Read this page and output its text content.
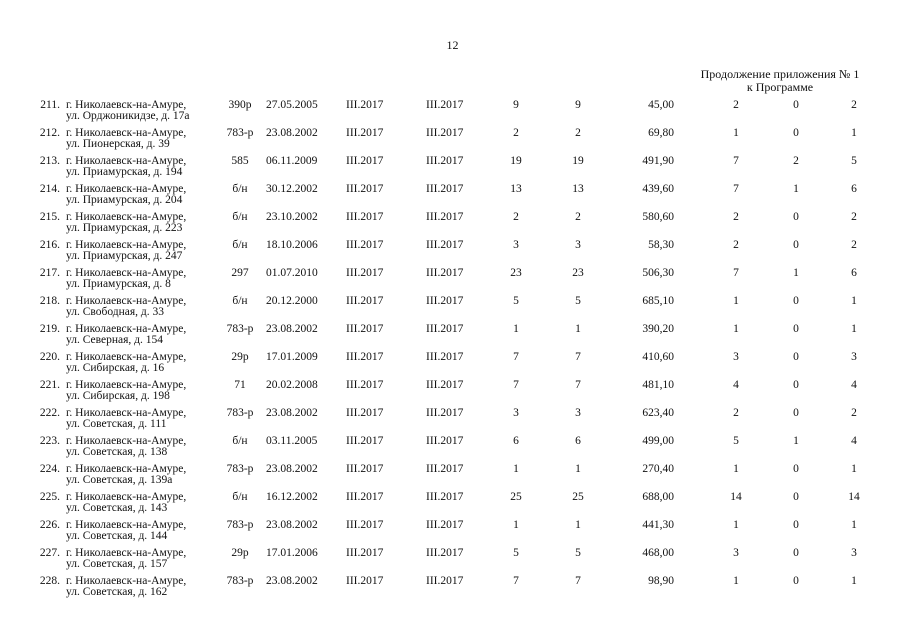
12
Продолжение приложения № 1
к Программе
211. г. Николаевск-на-Амуре,
ул. Орджоникидзе, д. 17а
390р	27.05.2005	III.2017	III.2017	9	9	45,00	2	0	2
212. г. Николаевск-на-Амуре,
ул. Пионерская, д. 39
783-р	23.08.2002	III.2017	III.2017	2	2	69,80	1	0	1
213. г. Николаевск-на-Амуре,
ул. Приамурская, д. 194
585	06.11.2009	III.2017	III.2017	19	19	491,90	7	2	5
214. г. Николаевск-на-Амуре,
ул. Приамурская, д. 204
б/н	30.12.2002	III.2017	III.2017	13	13	439,60	7	1	6
215. г. Николаевск-на-Амуре,
ул. Приамурская, д. 223
б/н	23.10.2002	III.2017	III.2017	2	2	580,60	2	0	2
216. г. Николаевск-на-Амуре,
ул. Приамурская, д. 247
б/н	18.10.2006	III.2017	III.2017	3	3	58,30	2	0	2
217. г. Николаевск-на-Амуре,
ул. Приамурская, д. 8
297	01.07.2010	III.2017	III.2017	23	23	506,30	7	1	6
218. г. Николаевск-на-Амуре,
ул. Свободная, д. 33
б/н	20.12.2000	III.2017	III.2017	5	5	685,10	1	0	1
219. г. Николаевск-на-Амуре,
ул. Северная, д. 154
783-р	23.08.2002	III.2017	III.2017	1	1	390,20	1	0	1
220. г. Николаевск-на-Амуре,
ул. Сибирская, д. 16
29р	17.01.2009	III.2017	III.2017	7	7	410,60	3	0	3
221. г. Николаевск-на-Амуре,
ул. Сибирская, д. 198
71	20.02.2008	III.2017	III.2017	7	7	481,10	4	0	4
222. г. Николаевск-на-Амуре,
ул. Советская, д. 111
783-р	23.08.2002	III.2017	III.2017	3	3	623,40	2	0	2
223. г. Николаевск-на-Амуре,
ул. Советская, д. 138
б/н	03.11.2005	III.2017	III.2017	6	6	499,00	5	1	4
224. г. Николаевск-на-Амуре,
ул. Советская, д. 139а
783-р	23.08.2002	III.2017	III.2017	1	1	270,40	1	0	1
225. г. Николаевск-на-Амуре,
ул. Советская, д. 143
б/н	16.12.2002	III.2017	III.2017	25	25	688,00	14	0	14
226. г. Николаевск-на-Амуре,
ул. Советская, д. 144
783-р	23.08.2002	III.2017	III.2017	1	1	441,30	1	0	1
227. г. Николаевск-на-Амуре,
ул. Советская, д. 157
29р	17.01.2006	III.2017	III.2017	5	5	468,00	3	0	3
228. г. Николаевск-на-Амуре,
ул. Советская, д. 162
783-р	23.08.2002	III.2017	III.2017	7	7	98,90	1	0	1
